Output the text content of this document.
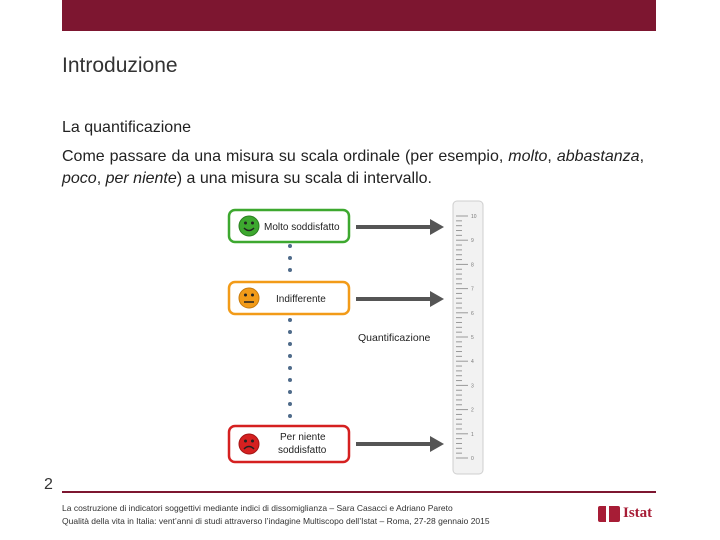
Introduzione
La quantificazione
Come passare da una misura su scala ordinale (per esempio, molto, abbastanza, poco, per niente) a una misura su scala di intervallo.
10
9
8
7
6
5
4
3
2
1
0
Molto soddisfatto
Indifferente
Quantificazione
Per niente
soddisfatto
2
La costruzione di indicatori soggettivi mediante indici di dissomiglianza – Sara Casacci e Adriano Pareto
Qualità della vita in Italia: vent’anni di studi attraverso l’indagine Multiscopo dell’Istat – Roma, 27-28 gennaio 2015	Istat
